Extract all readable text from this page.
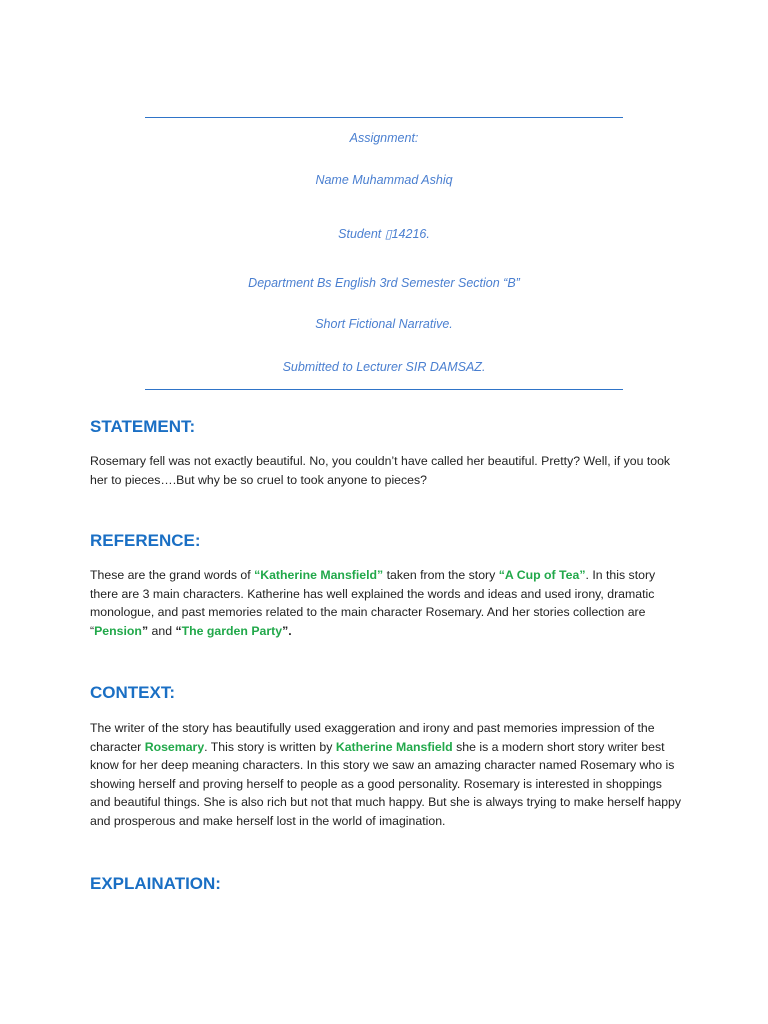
Assignment:
Name Muhammad Ashiq
Student ▯14216.
Department Bs English 3rd Semester Section “B”
Short Fictional Narrative.
Submitted to Lecturer SIR DAMSAZ.
STATEMENT:

Rosemary fell was not exactly beautiful. No, you couldn’t have called her beautiful. Pretty? Well, if you took her to pieces….But why be so cruel to took anyone to pieces?

REFERENCE:

These are the grand words of “Katherine Mansfield” taken from the story “A Cup of Tea”. In this story there are 3 main characters. Katherine has well explained the words and ideas and used irony, dramatic monologue, and past memories related to the main character Rosemary. And her stories collection are “Pension” and “The garden Party”.

CONTEXT:

The writer of the story has beautifully used exaggeration and irony and past memories impression of the character Rosemary. This story is written by Katherine Mansfield she is a modern short story writer best know for her deep meaning characters. In this story we saw an amazing character named Rosemary who is showing herself and proving herself to people as a good personality. Rosemary is interested in shoppings and beautiful things. She is also rich but not that much happy. But she is always trying to make herself happy and prosperous and make herself lost in the world of imagination.

EXPLAINATION:
